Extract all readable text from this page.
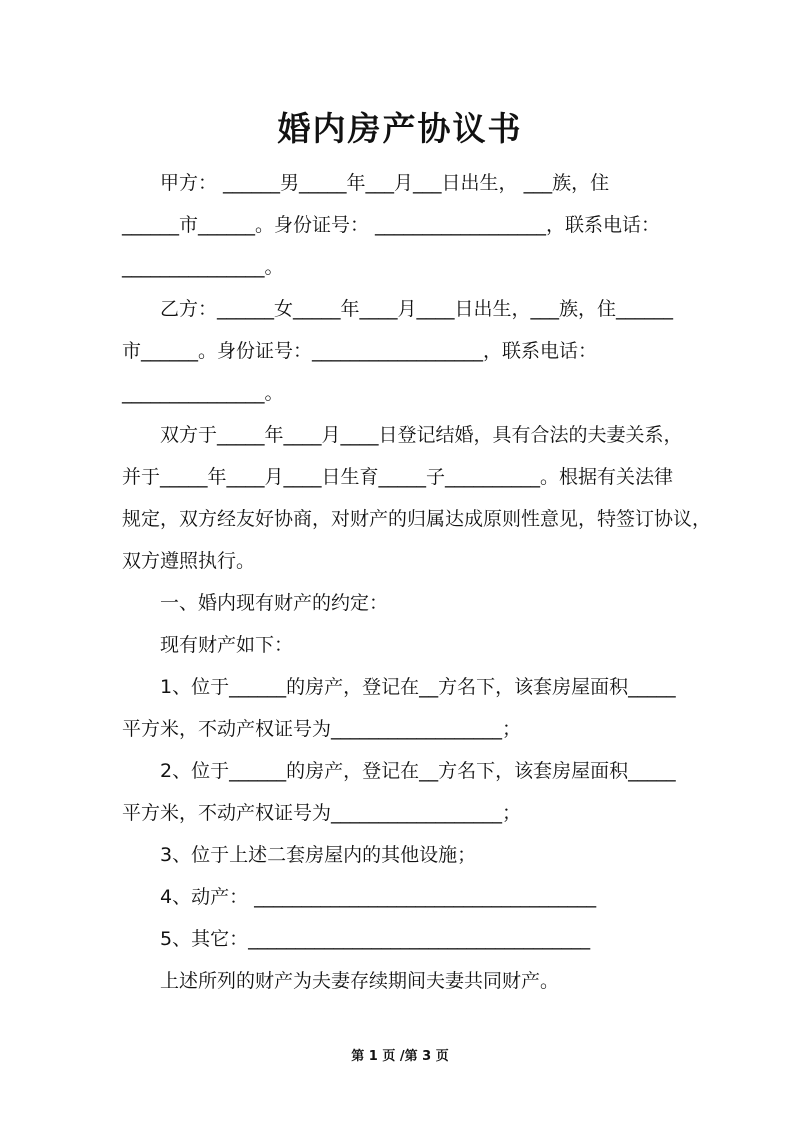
婚内房产协议书
甲方： ______男_____年___月___日出生， ___族，住
______市______。身份证号： __________________，联系电话：
_______________。
乙方：______女_____年____月____日出生，___族，住______
市______。身份证号：__________________，联系电话：
_______________。
双方于_____年____月____日登记结婚，具有合法的夫妻关系，
并于_____年____月____日生育_____子__________。根据有关法律
规定，双方经友好协商，对财产的归属达成原则性意见，特签订协议，
双方遵照执行。
一、婚内现有财产的约定：
现有财产如下：
1、位于______的房产，登记在__方名下，该套房屋面积_____
平方米，不动产权证号为__________________；
2、位于______的房产，登记在__方名下，该套房屋面积_____
平方米，不动产权证号为__________________；
3、位于上述二套房屋内的其他设施；
4、动产： ____________________________________
5、其它：____________________________________
上述所列的财产为夫妻存续期间夫妻共同财产。
第 1 页 /第 3 页
